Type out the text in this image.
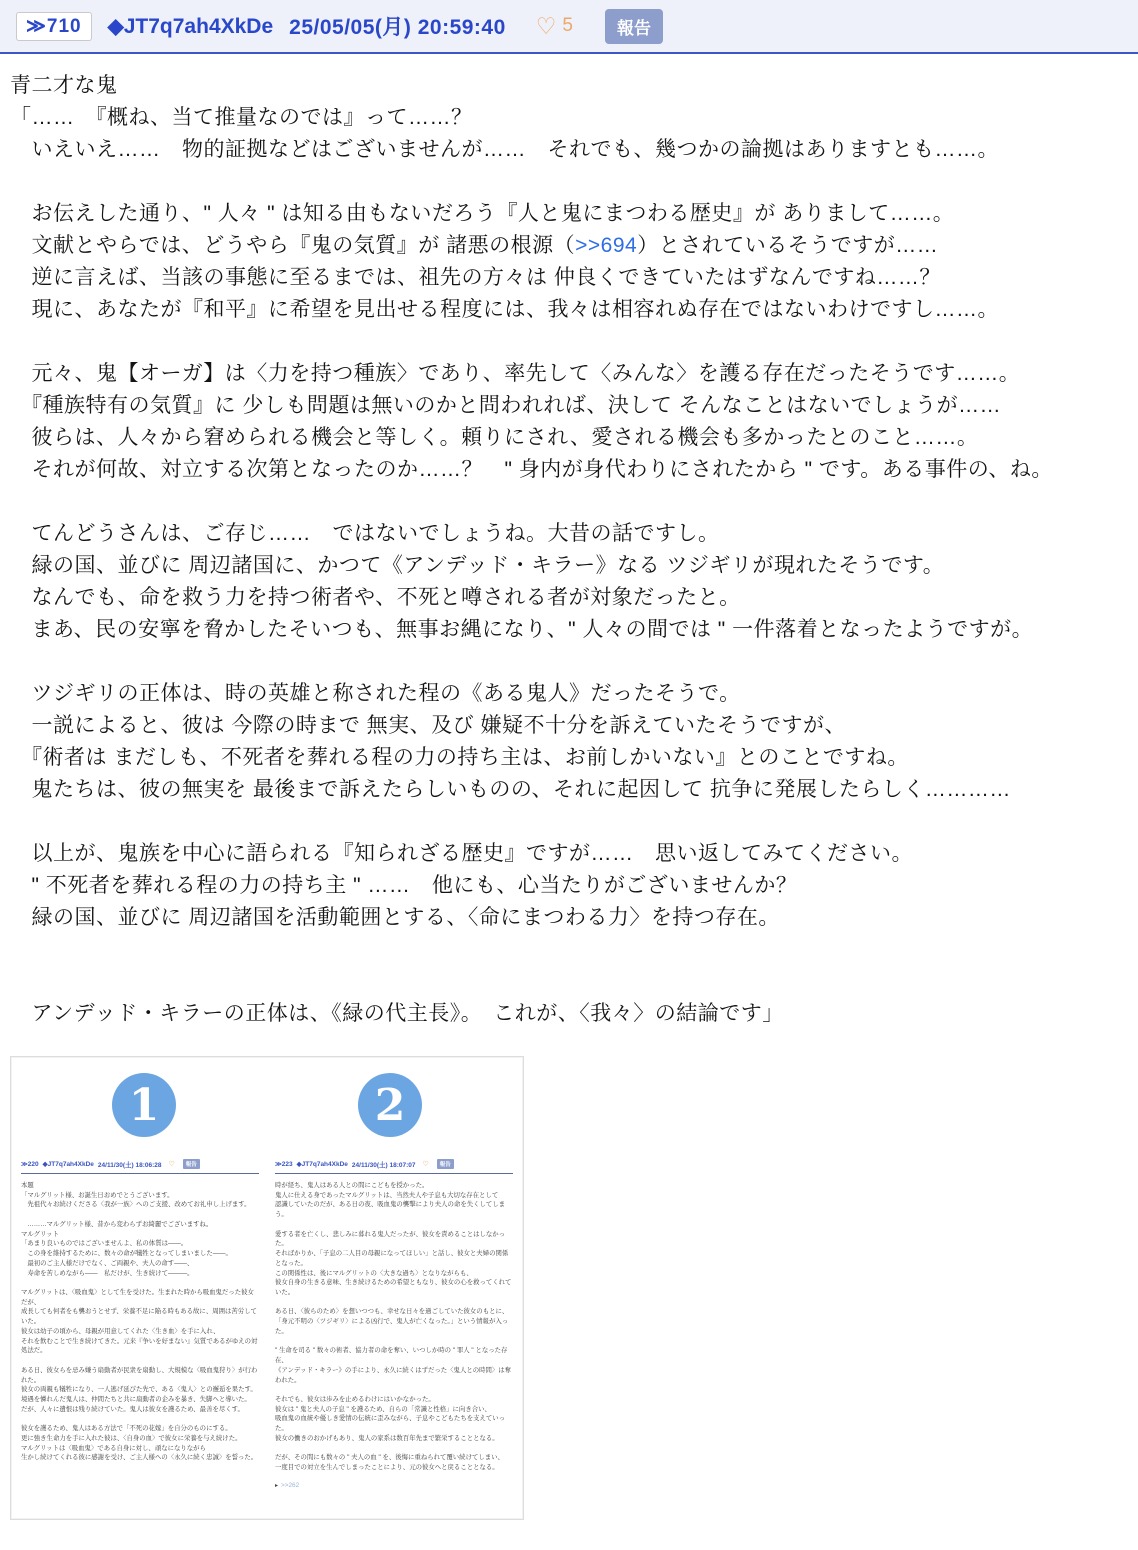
≫710	◆JT7q7ah4XkDe 25/05/05(月) 20:59:40 ♡ 5	報告
青二才な鬼
「……　『概ね、当て推量なのでは』って……？
　いえいえ……　物的証拠などはございませんが……　それでも、幾つかの論拠はありますとも……。
　お伝えした通り、" 人々 " は知る由もないだろう『人と鬼にまつわる歴史』が ありまして……。
　文献とやらでは、どうやら『鬼の気質』が 諸悪の根源（>>694）とされているそうですが……
　逆に言えば、当該の事態に至るまでは、祖先の方々は 仲良くできていたはずなんですね……？
　現に、あなたが『和平』に希望を見出せる程度には、我々は相容れぬ存在ではないわけですし……。
　元々、鬼【オーガ】は〈力を持つ種族〉であり、率先して〈みんな〉を護る存在だったそうです……。
　『種族特有の気質』に 少しも問題は無いのかと問われれば、決して そんなことはないでしょうが……
　彼らは、人々から窘められる機会と等しく。頼りにされ、愛される機会も多かったとのこと……。
　それが何故、対立する次第となったのか……？　" 身内が身代わりにされたから " です。ある事件の、ね。
　てんどうさんは、ご存じ……　ではないでしょうね。大昔の話ですし。
　緑の国、並びに 周辺諸国に、かつて《アンデッド・キラー》なる ツジギリが現れたそうです。
　なんでも、命を救う力を持つ術者や、不死と噂される者が対象だったと。
　まあ、民の安寧を脅かしたそいつも、無事お縄になり、" 人々の間では " 一件落着となったようですが。
　ツジギリの正体は、時の英雄と称された程の《ある鬼人》だったそうで。
　一説によると、彼は 今際の時まで 無実、及び 嫌疑不十分を訴えていたそうですが、
　『術者は まだしも、不死者を葬れる程の力の持ち主は、お前しかいない』とのことですね。
　鬼たちは、彼の無実を 最後まで訴えたらしいものの、それに起因して 抗争に発展したらしく…………
　以上が、鬼族を中心に語られる『知られざる歴史』ですが……　思い返してみてください。
　" 不死者を葬れる程の力の持ち主 " ……　他にも、心当たりがございませんか？
　緑の国、並びに 周辺諸国を活動範囲とする、〈命にまつわる力〉を持つ存在。
　アンデッド・キラーの正体は、《緑の代主長》。　これが、〈我々〉の結論です」
1	2
≫220 ◆JT7q7ah4XkDe 24/11/30(土) 18:06:28 ♡	報告
本題
「マルグリット様、お誕生日おめでとうございます。
　先祖代々お続けくださる〈我が一族〉へのご支援、改めてお礼申し上げます。
　………マルグリット様、昔から変わらずお綺麗でございますね。
マルグリット
「あまり良いものではございませんよ、私の体質は——。
　この身を維持するために、数々の命が犠牲となってしまいました——。
　最初のご主人様だけでなく、ご両親や、夫人の命す——、
　寿命を苦しめながら——　私だけが、生き続けて———。
マルグリットは、〈吸血鬼〉として生を受けた。生まれた時から吸血鬼だった彼女だが、
成長しても何者をも襲おうとせず、栄養不足に陥る時もある故に、周囲は苦労していた。
彼女は幼子の頃から、母親が用意してくれた〈生き血〉を手に入れ、
それを飲むことで生き続けてきた。元来『争いを好まない』気質であるがゆえの対処法だ。
ある日、彼女らを忌み嫌う扇動者が民衆を扇動し、大規模な〈吸血鬼狩り〉が行われた。
彼女の両親も犠牲になり、一人逃げ延びた先で、ある〈鬼人〉との邂逅を果たす。
境遇を憐れんだ鬼人は、仲間たちと共に扇動者の企みを暴き、失脚へと導いた。
だが、人々に遺恨は残り続けていた。鬼人は彼女を護るため、最善を尽くす。
彼女を護るため、鬼人はある方法で「不死の花嫁」を自分のものにする。
更に強き生命力を手に入れた彼は、〈自身の血〉で彼女に栄養を与え続けた。
マルグリットは〈吸血鬼〉である自身に対し、頑なになりながら
生かし続けてくれる彼に感謝を受け、ご主人様への〈永久に続く忠誠〉を誓った。
≫223 ◆JT7q7ah4XkDe 24/11/30(土) 18:07:07 ♡	報告
時が経ち、鬼人はある人との間にこどもを授かった。
鬼人に仕える身であったマルグリットは、当然夫人や子息も大切な存在として
認識していたのだが、ある日の夜、吸血鬼の襲撃により夫人の命を失くしてしまう。
愛する者を亡くし、悲しみに暮れる鬼人だったが、彼女を責めることはしなかった。
そればかりか、「子息の二人目の母親になってほしい」と話し、彼女と夫婦の関係となった。
この関係性は、後にマルグリットの〈大きな過ち〉となりながらも、
彼女自身の生きる意味、生き続けるための希望ともなり、彼女の心を救ってくれていた。
ある日、〈彼らのため〉を想いつつも、幸せな日々を過ごしていた彼女のもとに、
「身元不明の〈ツジギリ〉による凶行で、鬼人が亡くなった。」という情報が入った。
" 生命を司る " 数々の術者、協力者の命を奪い、いつしか時の " 罪人 " となった存在、
《アンデッド・キラー》の手により、永久に続くはずだった〈鬼人との時間〉は奪われた。
それでも、彼女は歩みを止めるわけにはいかなかった。
彼女は " 鬼と夫人の子息 " を護るため、自らの「常識と性格」に向き合い、
吸血鬼の血統や優しき愛情の伝統に歪みながら、子息やこどもたちを支えていった。
彼女の働きのおかげもあり、鬼人の家系は数百年先まで繁栄することとなる。
だが、その間にも数々の " 夫人の血 " を、後悔に重ねられて覆い続けてしまい、
一度目での対立を生んでしまったことにより、元の彼女へと戻ることとなる。
▸ >>262
